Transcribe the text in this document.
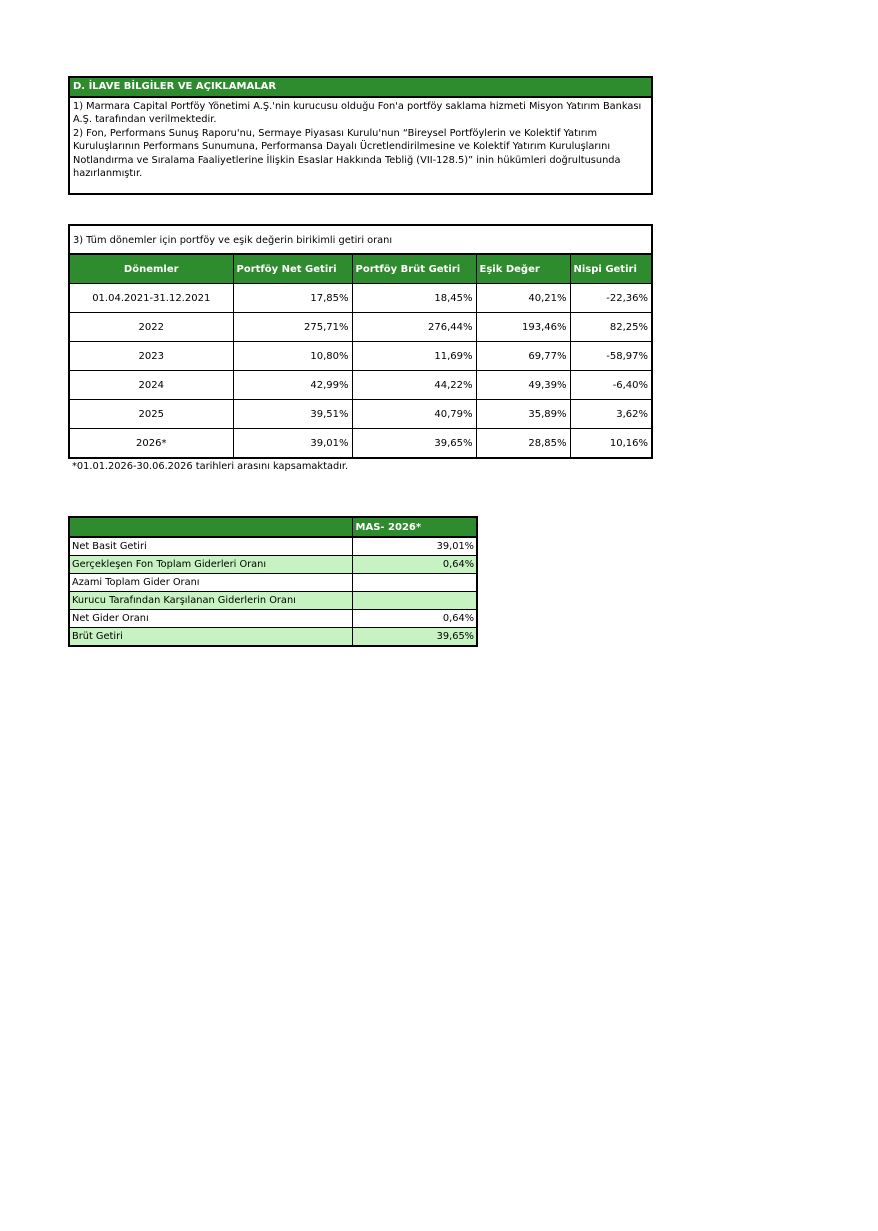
D. İLAVE BİLGİLER VE AÇIKLAMALAR

1) Marmara Capital Portföy Yönetimi A.Ş.'nin kurucusu olduğu Fon'a portföy saklama hizmeti Misyon Yatırım Bankası A.Ş. tarafından verilmektedir.

2) Fon, Performans Sunuş Raporu'nu, Sermaye Piyasası Kurulu'nun “Bireysel Portföylerin ve Kolektif Yatırım Kuruluşlarının Performans Sunumuna, Performansa Dayalı Ücretlendirilmesine ve Kolektif Yatırım Kuruluşlarını Notlandırma ve Sıralama Faaliyetlerine İlişkin Esaslar Hakkında Tebliğ (VII-128.5)” inin hükümleri doğrultusunda hazırlanmıştır.

3) Tüm dönemler için portföy ve eşik değerin birikimli getiri oranı
Dönemler	Portföy Net Getiri	Portföy Brüt Getiri	Eşik Değer	Nispi Getiri
01.04.2021-31.12.2021	17,85%	18,45%	40,21%	-22,36%
2022	275,71%	276,44%	193,46%	82,25%
2023	10,80%	11,69%	69,77%	-58,97%
2024	42,99%	44,22%	49,39%	-6,40%
2025	39,51%	40,79%	35,89%	3,62%
2026*	39,01%	39,65%	28,85%	10,16%
*01.01.2026-30.06.2026 tarihleri arasını kapsamaktadır.
	MAS- 2026*
Net Basit Getiri	39,01%
Gerçekleşen Fon Toplam Giderleri Oranı	0,64%
Azami Toplam Gider Oranı	
Kurucu Tarafından Karşılanan Giderlerin Oranı	
Net Gider Oranı	0,64%
Brüt Getiri	39,65%
